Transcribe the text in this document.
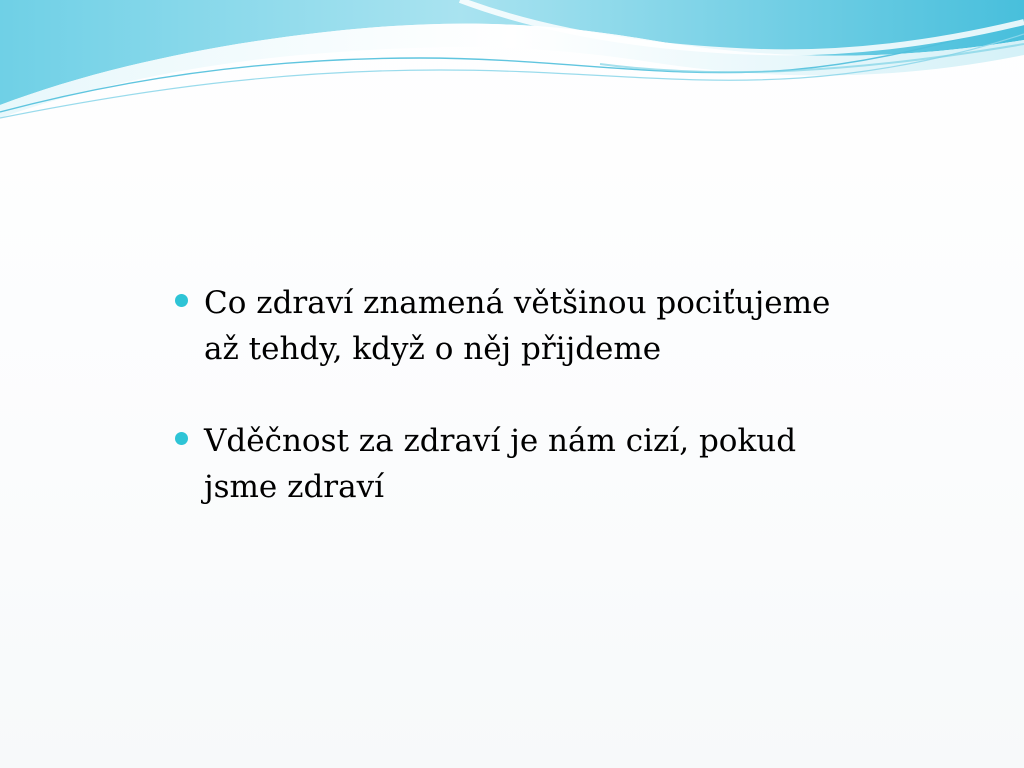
Co zdraví znamená většinou pociťujeme až tehdy, když o něj přijdeme
Vděčnost za zdraví je nám cizí, pokud jsme zdraví
